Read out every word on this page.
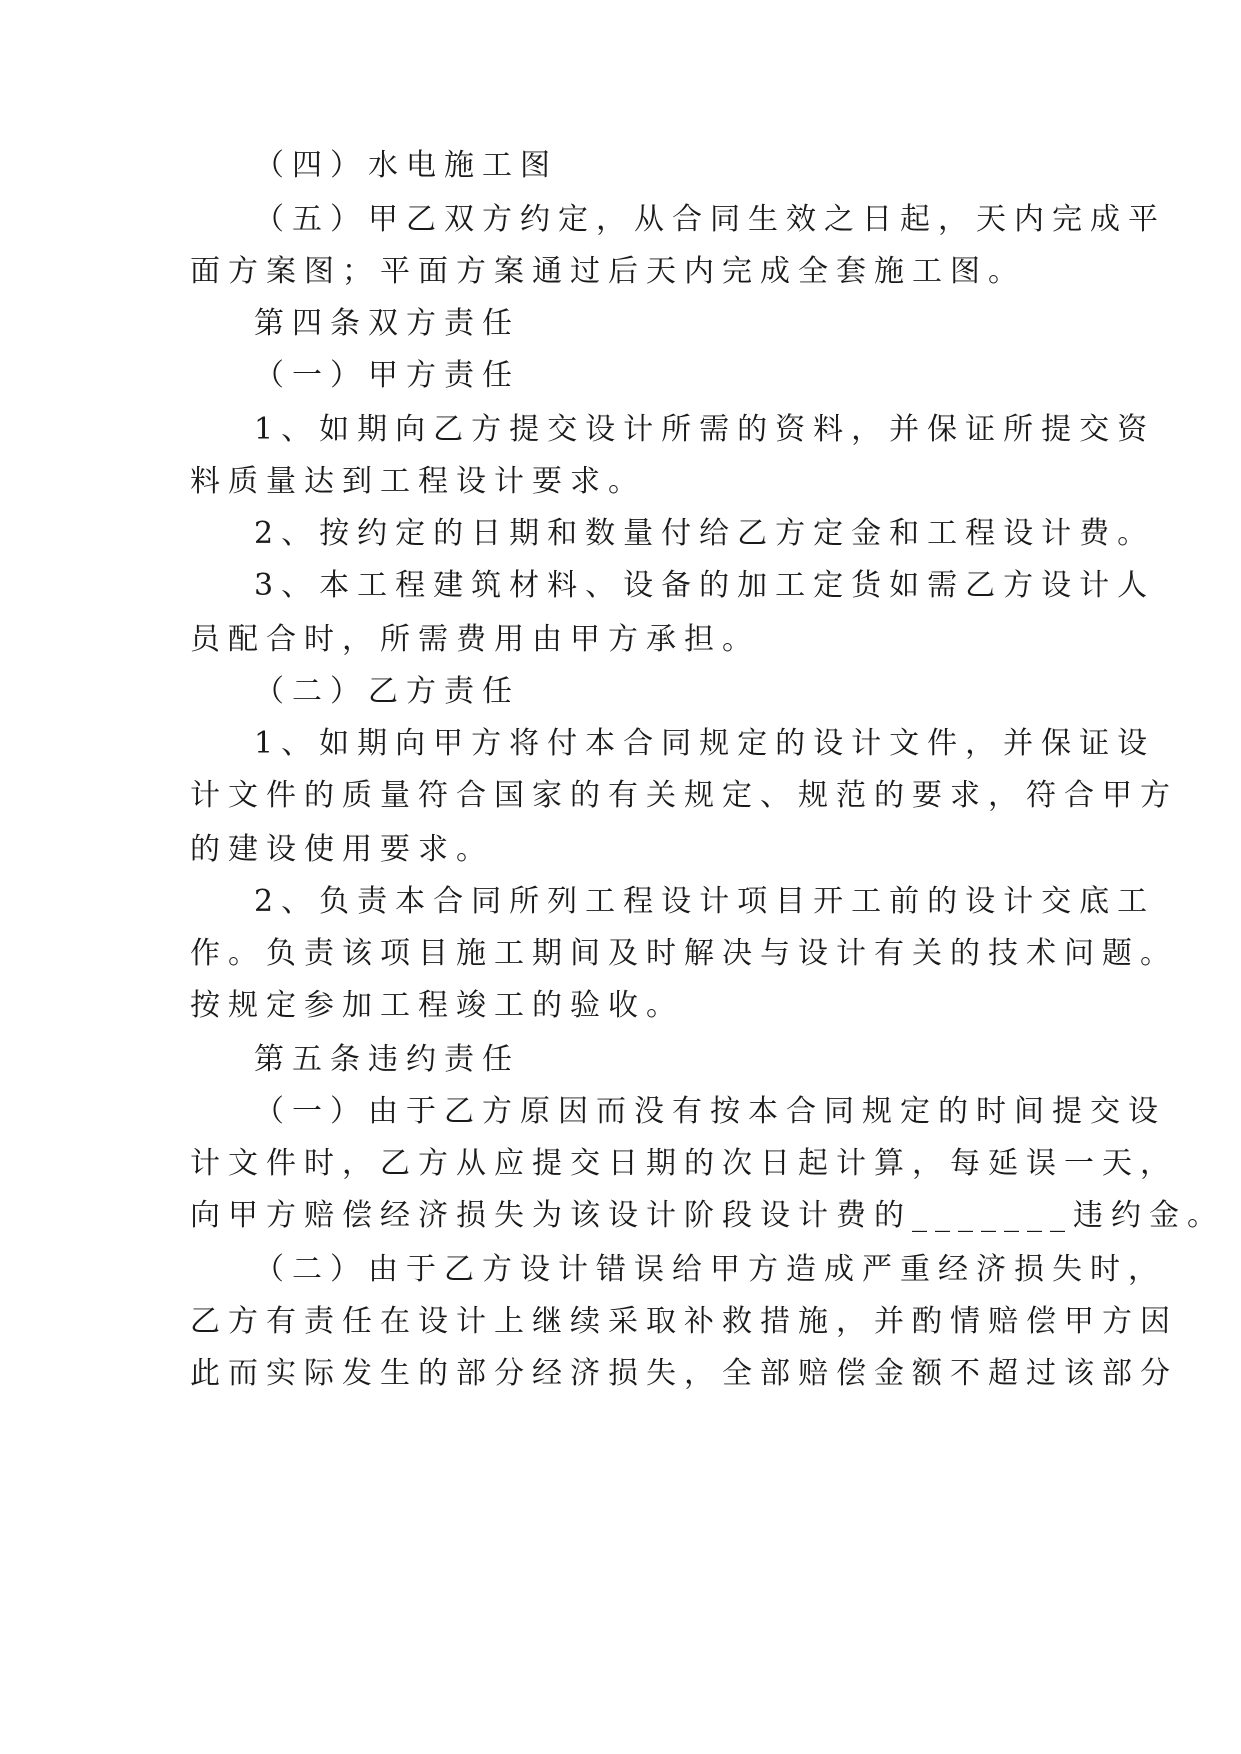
（四）水电施工图
（五）甲乙双方约定，从合同生效之日起，天内完成平
面方案图；平面方案通过后天内完成全套施工图。
第四条双方责任
（一）甲方责任
1、如期向乙方提交设计所需的资料，并保证所提交资
料质量达到工程设计要求。
2、按约定的日期和数量付给乙方定金和工程设计费。
3、本工程建筑材料、设备的加工定货如需乙方设计人
员配合时，所需费用由甲方承担。
（二）乙方责任
1、如期向甲方将付本合同规定的设计文件，并保证设
计文件的质量符合国家的有关规定、规范的要求，符合甲方
的建设使用要求。
2、负责本合同所列工程设计项目开工前的设计交底工
作。负责该项目施工期间及时解决与设计有关的技术问题。
按规定参加工程竣工的验收。
第五条违约责任
（一）由于乙方原因而没有按本合同规定的时间提交设
计文件时，乙方从应提交日期的次日起计算，每延误一天，
向甲方赔偿经济损失为该设计阶段设计费的_______违约金。
（二）由于乙方设计错误给甲方造成严重经济损失时，
乙方有责任在设计上继续采取补救措施，并酌情赔偿甲方因
此而实际发生的部分经济损失，全部赔偿金额不超过该部分
